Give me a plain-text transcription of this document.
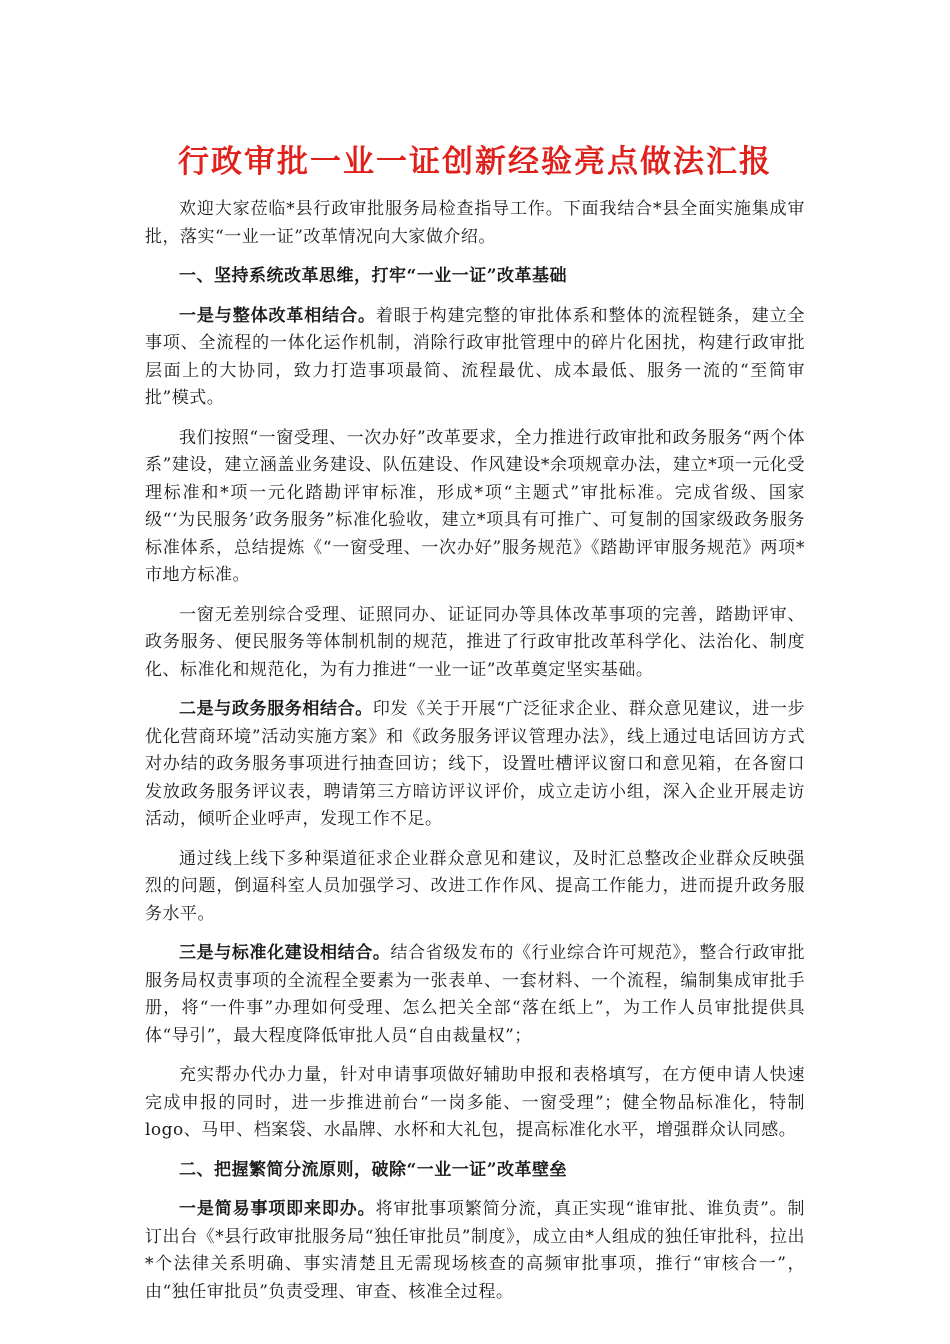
行政审批一业一证创新经验亮点做法汇报

欢迎大家莅临*县行政审批服务局检查指导工作。下面我结合*县全面实施集成审批，落实“一业一证”改革情况向大家做介绍。

一、坚持系统改革思维，打牢“一业一证”改革基础

一是与整体改革相结合。着眼于构建完整的审批体系和整体的流程链条，建立全事项、全流程的一体化运作机制，消除行政审批管理中的碎片化困扰，构建行政审批层面上的大协同，致力打造事项最简、流程最优、成本最低、服务一流的“至简审批”模式。

我们按照“一窗受理、一次办好”改革要求，全力推进行政审批和政务服务“两个体系”建设，建立涵盖业务建设、队伍建设、作风建设*余项规章办法，建立*项一元化受理标准和*项一元化踏勘评审标准，形成*项“主题式”审批标准。完成省级、国家级“‘为民服务’政务服务”标准化验收，建立*项具有可推广、可复制的国家级政务服务标准体系，总结提炼《“一窗受理、一次办好”服务规范》《踏勘评审服务规范》两项*市地方标准。

一窗无差别综合受理、证照同办、证证同办等具体改革事项的完善，踏勘评审、政务服务、便民服务等体制机制的规范，推进了行政审批改革科学化、法治化、制度化、标准化和规范化，为有力推进“一业一证”改革奠定坚实基础。

二是与政务服务相结合。印发《关于开展“广泛征求企业、群众意见建议，进一步优化营商环境”活动实施方案》和《政务服务评议管理办法》，线上通过电话回访方式对办结的政务服务事项进行抽查回访；线下，设置吐槽评议窗口和意见箱，在各窗口发放政务服务评议表，聘请第三方暗访评议评价，成立走访小组，深入企业开展走访活动，倾听企业呼声，发现工作不足。

通过线上线下多种渠道征求企业群众意见和建议，及时汇总整改企业群众反映强烈的问题，倒逼科室人员加强学习、改进工作作风、提高工作能力，进而提升政务服务水平。

三是与标准化建设相结合。结合省级发布的《行业综合许可规范》，整合行政审批服务局权责事项的全流程全要素为一张表单、一套材料、一个流程，编制集成审批手册，将“一件事”办理如何受理、怎么把关全部“落在纸上”，为工作人员审批提供具体“导引”，最大程度降低审批人员“自由裁量权”；

充实帮办代办力量，针对申请事项做好辅助申报和表格填写，在方便申请人快速完成申报的同时，进一步推进前台“一岗多能、一窗受理”；健全物品标准化，特制logo、马甲、档案袋、水晶牌、水杯和大礼包，提高标准化水平，增强群众认同感。

二、把握繁简分流原则，破除“一业一证”改革壁垒

一是简易事项即来即办。将审批事项繁简分流，真正实现“谁审批、谁负责”。制订出台《*县行政审批服务局“独任审批员”制度》，成立由*人组成的独任审批科，拉出*个法律关系明确、事实清楚且无需现场核查的高频审批事项，推行“审核合一”，由“独任审批员”负责受理、审查、核准全过程。
